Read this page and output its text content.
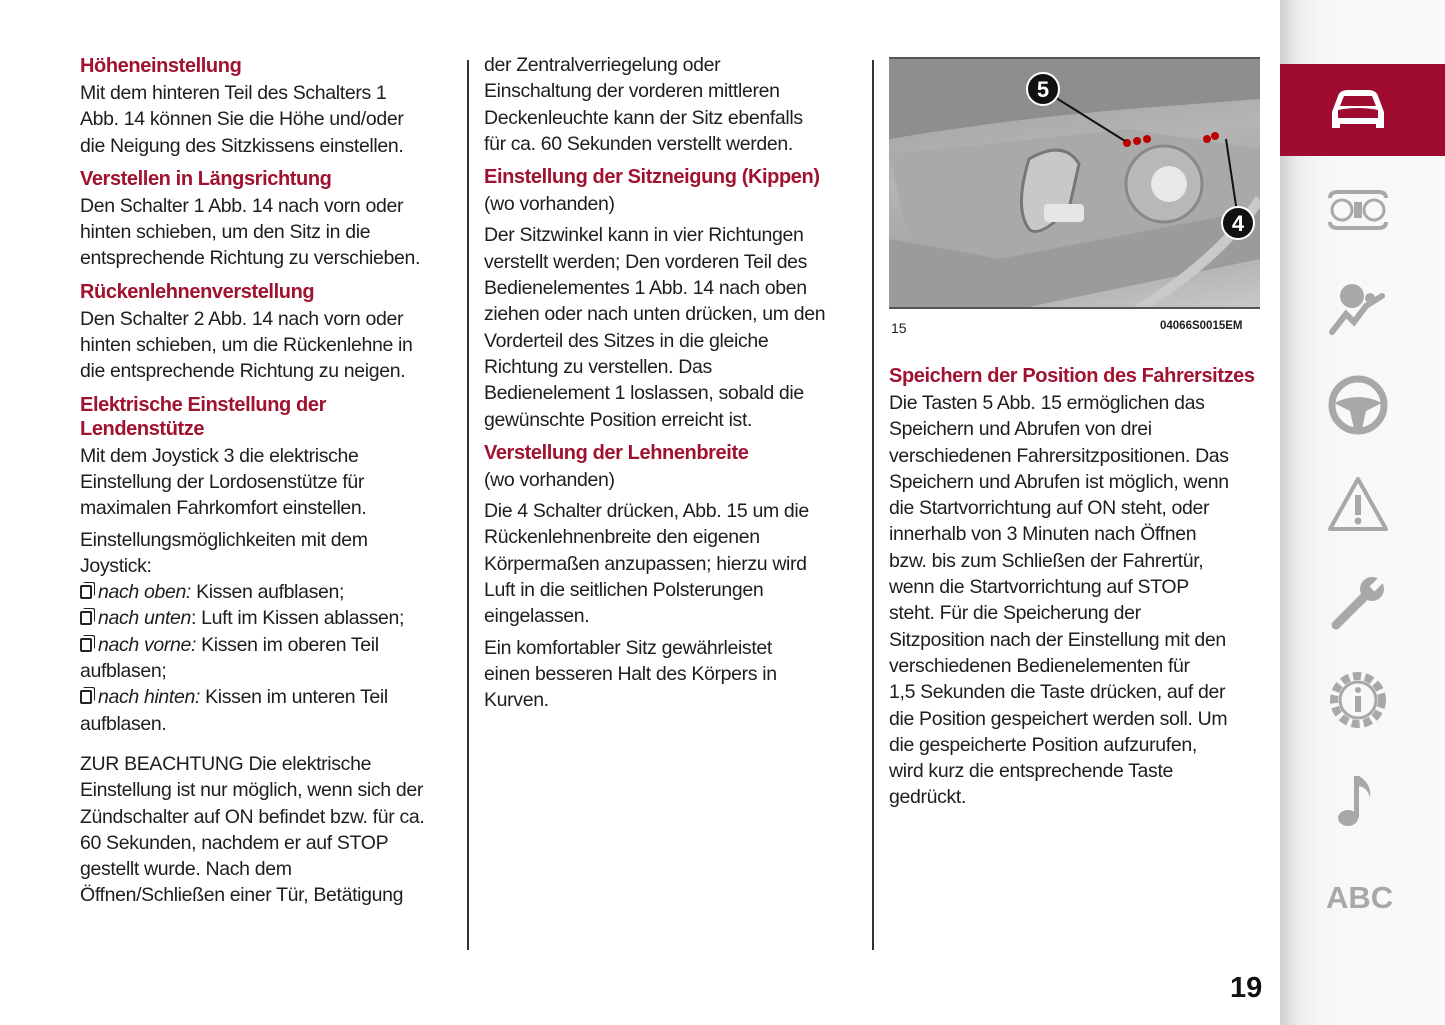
Höheneinstellung
Mit dem hinteren Teil des Schalters 1
Abb. 14 können Sie die Höhe und/oder
die Neigung des Sitzkissens einstellen.
Verstellen in Längsrichtung
Den Schalter 1 Abb. 14 nach vorn oder
hinten schieben, um den Sitz in die
entsprechende Richtung zu verschieben.
Rückenlehnenverstellung
Den Schalter 2 Abb. 14 nach vorn oder
hinten schieben, um die Rückenlehne in
die entsprechende Richtung zu neigen.
Elektrische Einstellung der
Lendenstütze
Mit dem Joystick 3 die elektrische
Einstellung der Lordosenstütze für
maximalen Fahrkomfort einstellen.
Einstellungsmöglichkeiten mit dem
Joystick:
nach oben: Kissen aufblasen;
nach unten: Luft im Kissen ablassen;
nach vorne: Kissen im oberen Teil
aufblasen;
nach hinten: Kissen im unteren Teil
aufblasen.
ZUR BEACHTUNG Die elektrische
Einstellung ist nur möglich, wenn sich der
Zündschalter auf ON befindet bzw. für ca.
60 Sekunden, nachdem er auf STOP
gestellt wurde. Nach dem
Öffnen/Schließen einer Tür, Betätigung
der Zentralverriegelung oder
Einschaltung der vorderen mittleren
Deckenleuchte kann der Sitz ebenfalls
für ca. 60 Sekunden verstellt werden.
Einstellung der Sitzneigung (Kippen)
(wo vorhanden)
Der Sitzwinkel kann in vier Richtungen
verstellt werden; Den vorderen Teil des
Bedienelementes 1 Abb. 14 nach oben
ziehen oder nach unten drücken, um den
Vorderteil des Sitzes in die gleiche
Richtung zu verstellen. Das
Bedienelement 1 loslassen, sobald die
gewünschte Position erreicht ist.
Verstellung der Lehnenbreite
(wo vorhanden)
Die 4 Schalter drücken, Abb. 15 um die
Rückenlehnenbreite den eigenen
Körpermaßen anzupassen; hierzu wird
Luft in die seitlichen Polsterungen
eingelassen.
Ein komfortabler Sitz gewährleistet
einen besseren Halt des Körpers in
Kurven.
5
4
15	04066S0015EM
Speichern der Position des Fahrersitzes
Die Tasten 5 Abb. 15 ermöglichen das
Speichern und Abrufen von drei
verschiedenen Fahrersitzpositionen. Das
Speichern und Abrufen ist möglich, wenn
die Startvorrichtung auf ON steht, oder
innerhalb von 3 Minuten nach Öffnen
bzw. bis zum Schließen der Fahrertür,
wenn die Startvorrichtung auf STOP
steht. Für die Speicherung der
Sitzposition nach der Einstellung mit den
verschiedenen Bedienelementen für
1,5 Sekunden die Taste drücken, auf der
die Position gespeichert werden soll. Um
die gespeicherte Position aufzurufen,
wird kurz die entsprechende Taste
gedrückt.
ABC
19
